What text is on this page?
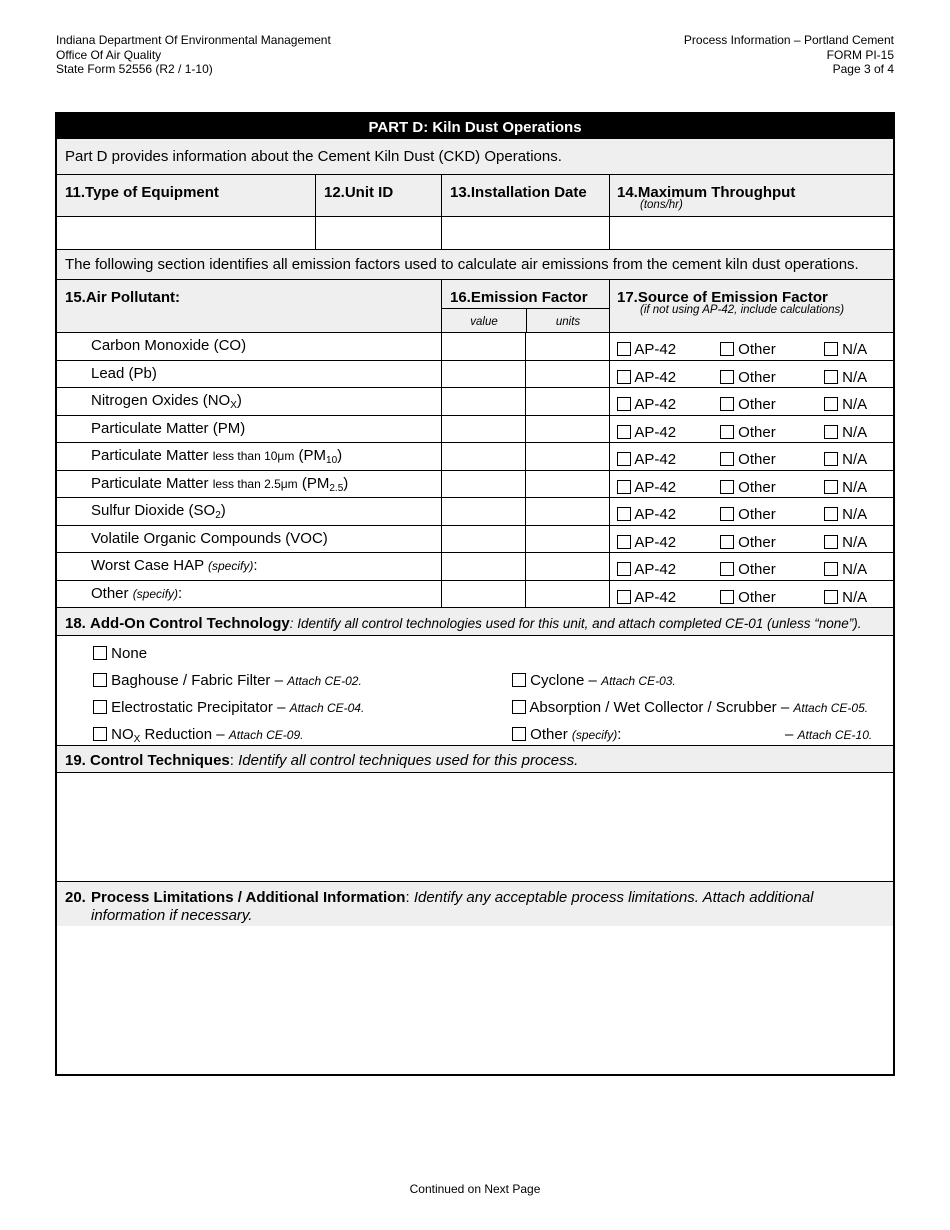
Indiana Department Of Environmental Management
Office Of Air Quality
State Form 52556 (R2 / 1-10)
Process Information – Portland Cement
FORM PI-15
Page 3 of 4
PART D: Kiln Dust Operations
Part D provides information about the Cement Kiln Dust (CKD) Operations.
11.Type of Equipment	12.Unit ID	13.Installation Date	14.Maximum Throughput
(tons/hr)
The following section identifies all emission factors used to calculate air emissions from the cement kiln dust operations.
15.Air Pollutant:	16.Emission Factor
value	units
17.Source of Emission Factor
(if not using AP-42, include calculations)
Carbon Monoxide (CO)	AP-42	Other	N/A
Lead (Pb)	AP-42	Other	N/A
Nitrogen Oxides $(NO_X)$	AP-42	Other	N/A
Particulate Matter (PM)	AP-42	Other	N/A
Particulate Matter less than 10μm $(PM_{10})$	AP-42	Other	N/A
Particulate Matter less than 2.5μm $(PM_{2.5})$	AP-42	Other	N/A
Sulfur Dioxide $(SO_2)$	AP-42	Other	N/A
Volatile Organic Compounds (VOC)	AP-42	Other	N/A
Worst Case HAP (specify):	AP-42	Other	N/A
Other (specify):	AP-42	Other	N/A
18. Add-On Control Technology: Identify all control technologies used for this unit, and attach completed CE-01 (unless “none”).
None
Baghouse / Fabric Filter – Attach CE-02.	Cyclone – Attach CE-03.
Electrostatic Precipitator – Attach CE-04.	Absorption / Wet Collector / Scrubber – Attach CE-05.
$NO_X$ Reduction – Attach CE-09.	Other (specify):	– Attach CE-10.
19. Control Techniques: Identify all control techniques used for this process.
20. Process Limitations / Additional Information: Identify any acceptable process limitations. Attach additional information if necessary.
Continued on Next Page
